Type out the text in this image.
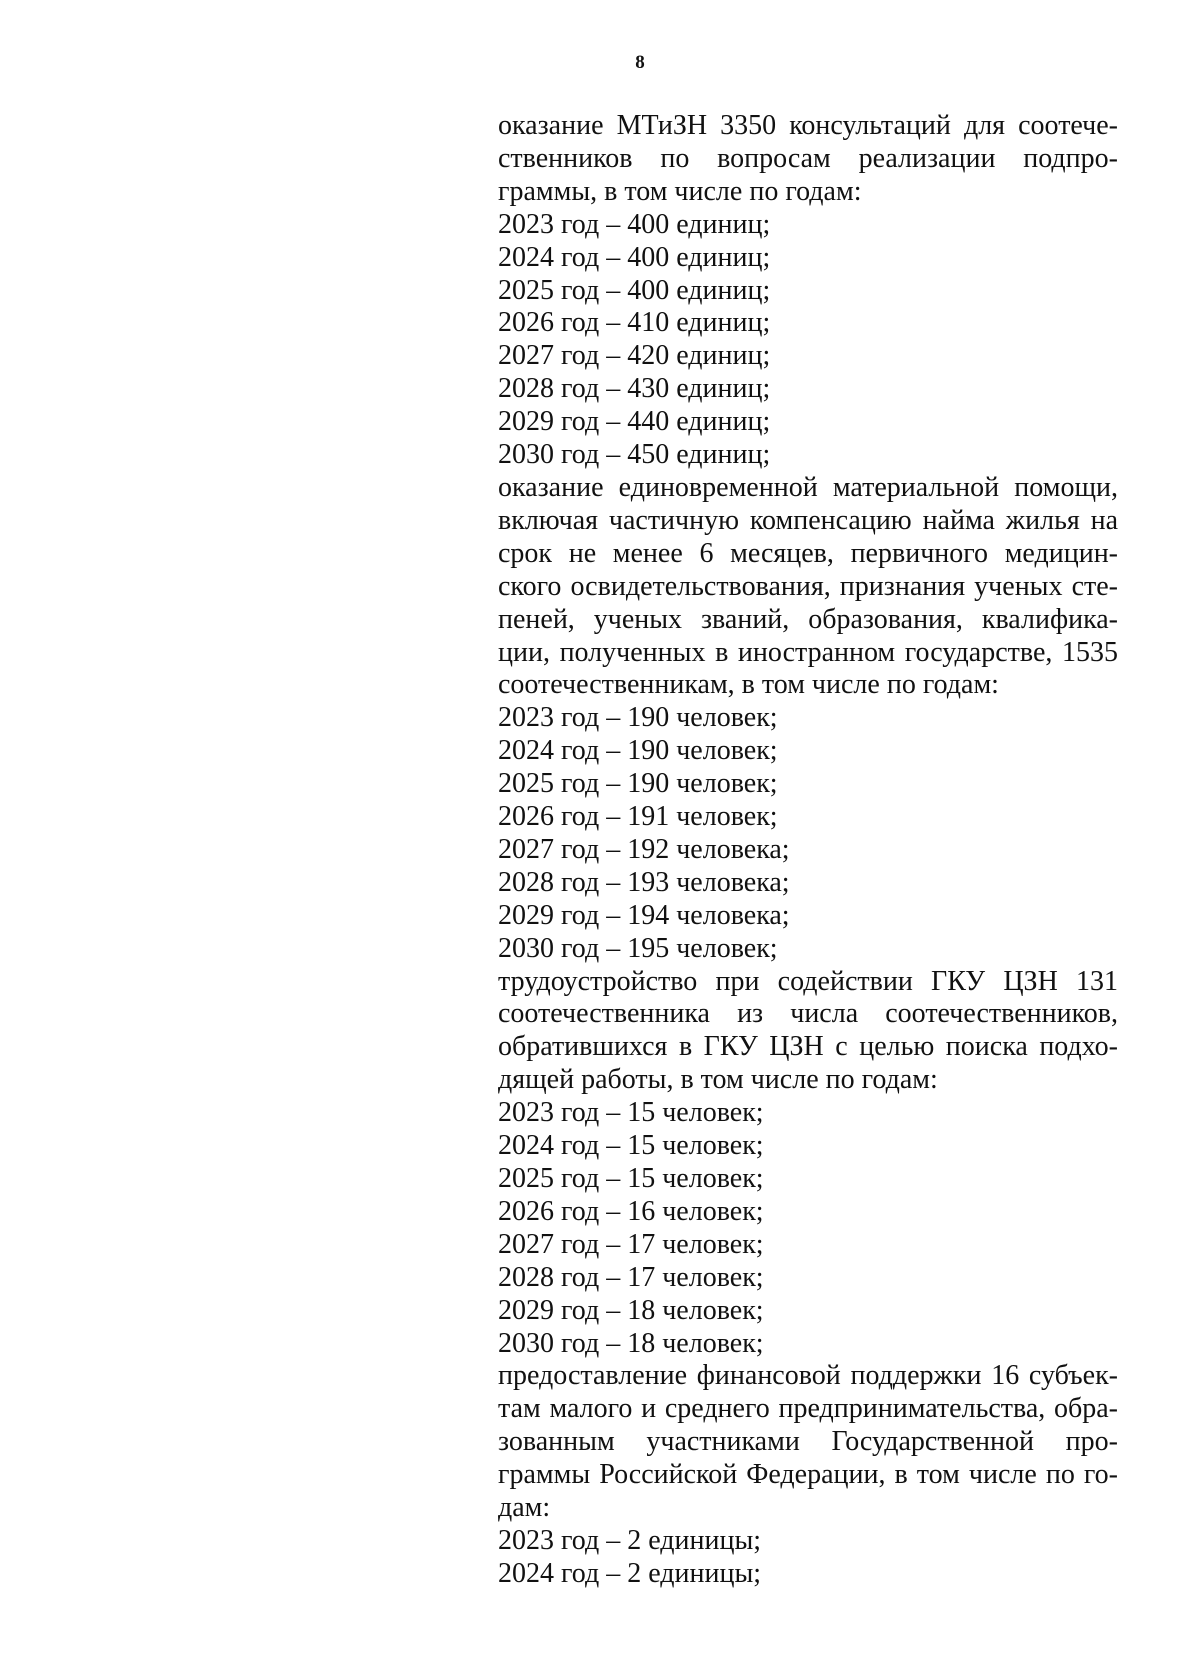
8
оказание МТиЗН 3350 консультаций для соотече-ственников по вопросам реализации подпро-граммы, в том числе по годам:
2023 год – 400 единиц;
2024 год – 400 единиц;
2025 год – 400 единиц;
2026 год – 410 единиц;
2027 год – 420 единиц;
2028 год – 430 единиц;
2029 год – 440 единиц;
2030 год – 450 единиц;
оказание единовременной материальной помощи, включая частичную компенсацию найма жилья на срок не менее 6 месяцев, первичного медицин-ского освидетельствования, признания ученых сте-пеней, ученых званий, образования, квалифика-ции, полученных в иностранном государстве, 1535 соотечественникам, в том числе по годам:
2023 год – 190 человек;
2024 год – 190 человек;
2025 год – 190 человек;
2026 год – 191 человек;
2027 год – 192 человека;
2028 год – 193 человека;
2029 год – 194 человека;
2030 год – 195 человек;
трудоустройство при содействии ГКУ ЦЗН 131 соотечественника из числа соотечественников, обратившихся в ГКУ ЦЗН с целью поиска подхо-дящей работы, в том числе по годам:
2023 год – 15 человек;
2024 год – 15 человек;
2025 год – 15 человек;
2026 год – 16 человек;
2027 год – 17 человек;
2028 год – 17 человек;
2029 год – 18 человек;
2030 год – 18 человек;
предоставление финансовой поддержки 16 субъек-там малого и среднего предпринимательства, обра-зованным участниками Государственной про-граммы Российской Федерации, в том числе по го-дам:
2023 год – 2 единицы;
2024 год – 2 единицы;
